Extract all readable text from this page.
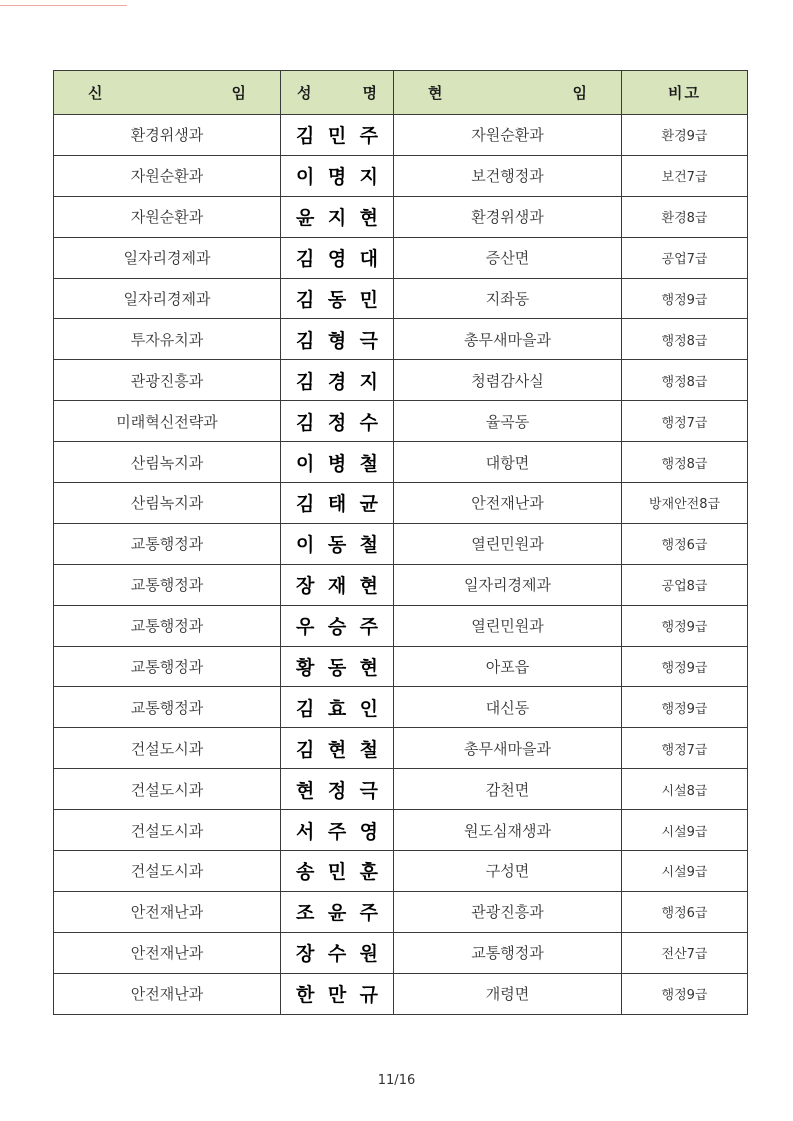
신 임	성 명	현 임	비고
환경위생과	김 민 주	자원순환과	환경9급
자원순환과	이 명 지	보건행정과	보건7급
자원순환과	윤 지 현	환경위생과	환경8급
일자리경제과	김 영 대	증산면	공업7급
일자리경제과	김 동 민	지좌동	행정9급
투자유치과	김 형 극	총무새마을과	행정8급
관광진흥과	김 경 지	청렴감사실	행정8급
미래혁신전략과	김 정 수	율곡동	행정7급
산림녹지과	이 병 철	대항면	행정8급
산림녹지과	김 태 균	안전재난과	방재안전8급
교통행정과	이 동 철	열린민원과	행정6급
교통행정과	장 재 현	일자리경제과	공업8급
교통행정과	우 승 주	열린민원과	행정9급
교통행정과	황 동 현	아포읍	행정9급
교통행정과	김 효 인	대신동	행정9급
건설도시과	김 현 철	총무새마을과	행정7급
건설도시과	현 정 극	감천면	시설8급
건설도시과	서 주 영	원도심재생과	시설9급
건설도시과	송 민 훈	구성면	시설9급
안전재난과	조 윤 주	관광진흥과	행정6급
안전재난과	장 수 원	교통행정과	전산7급
안전재난과	한 만 규	개령면	행정9급
11/16
